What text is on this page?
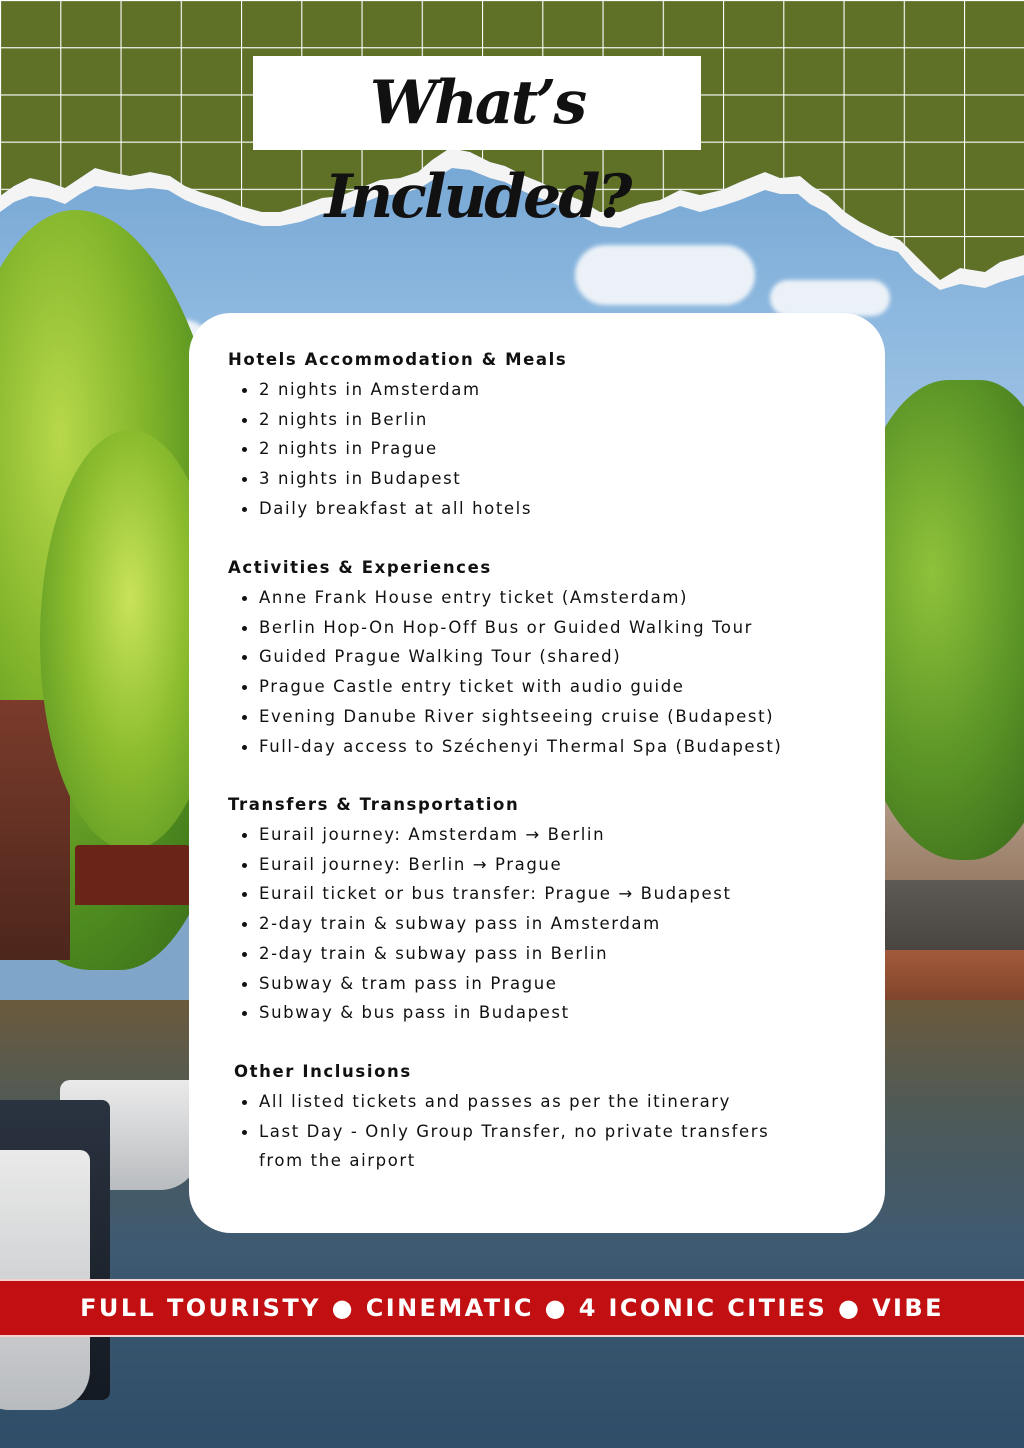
What’s Included?
Hotels Accommodation & Meals
2 nights in Amsterdam
2 nights in Berlin
2 nights in Prague
3 nights in Budapest
Daily breakfast at all hotels
Activities & Experiences
Anne Frank House entry ticket (Amsterdam)
Berlin Hop-On Hop-Off Bus or Guided Walking Tour
Guided Prague Walking Tour (shared)
Prague Castle entry ticket with audio guide
Evening Danube River sightseeing cruise (Budapest)
Full-day access to Széchenyi Thermal Spa (Budapest)
Transfers & Transportation
Eurail journey: Amsterdam → Berlin
Eurail journey: Berlin → Prague
Eurail ticket or bus transfer: Prague → Budapest
2-day train & subway pass in Amsterdam
2-day train & subway pass in Berlin
Subway & tram pass in Prague
Subway & bus pass in Budapest
Other Inclusions
All listed tickets and passes as per the itinerary
Last Day - Only Group Transfer, no private transfers from the airport
FULL TOURISTY ● CINEMATIC ● 4 ICONIC CITIES ● VIBE
